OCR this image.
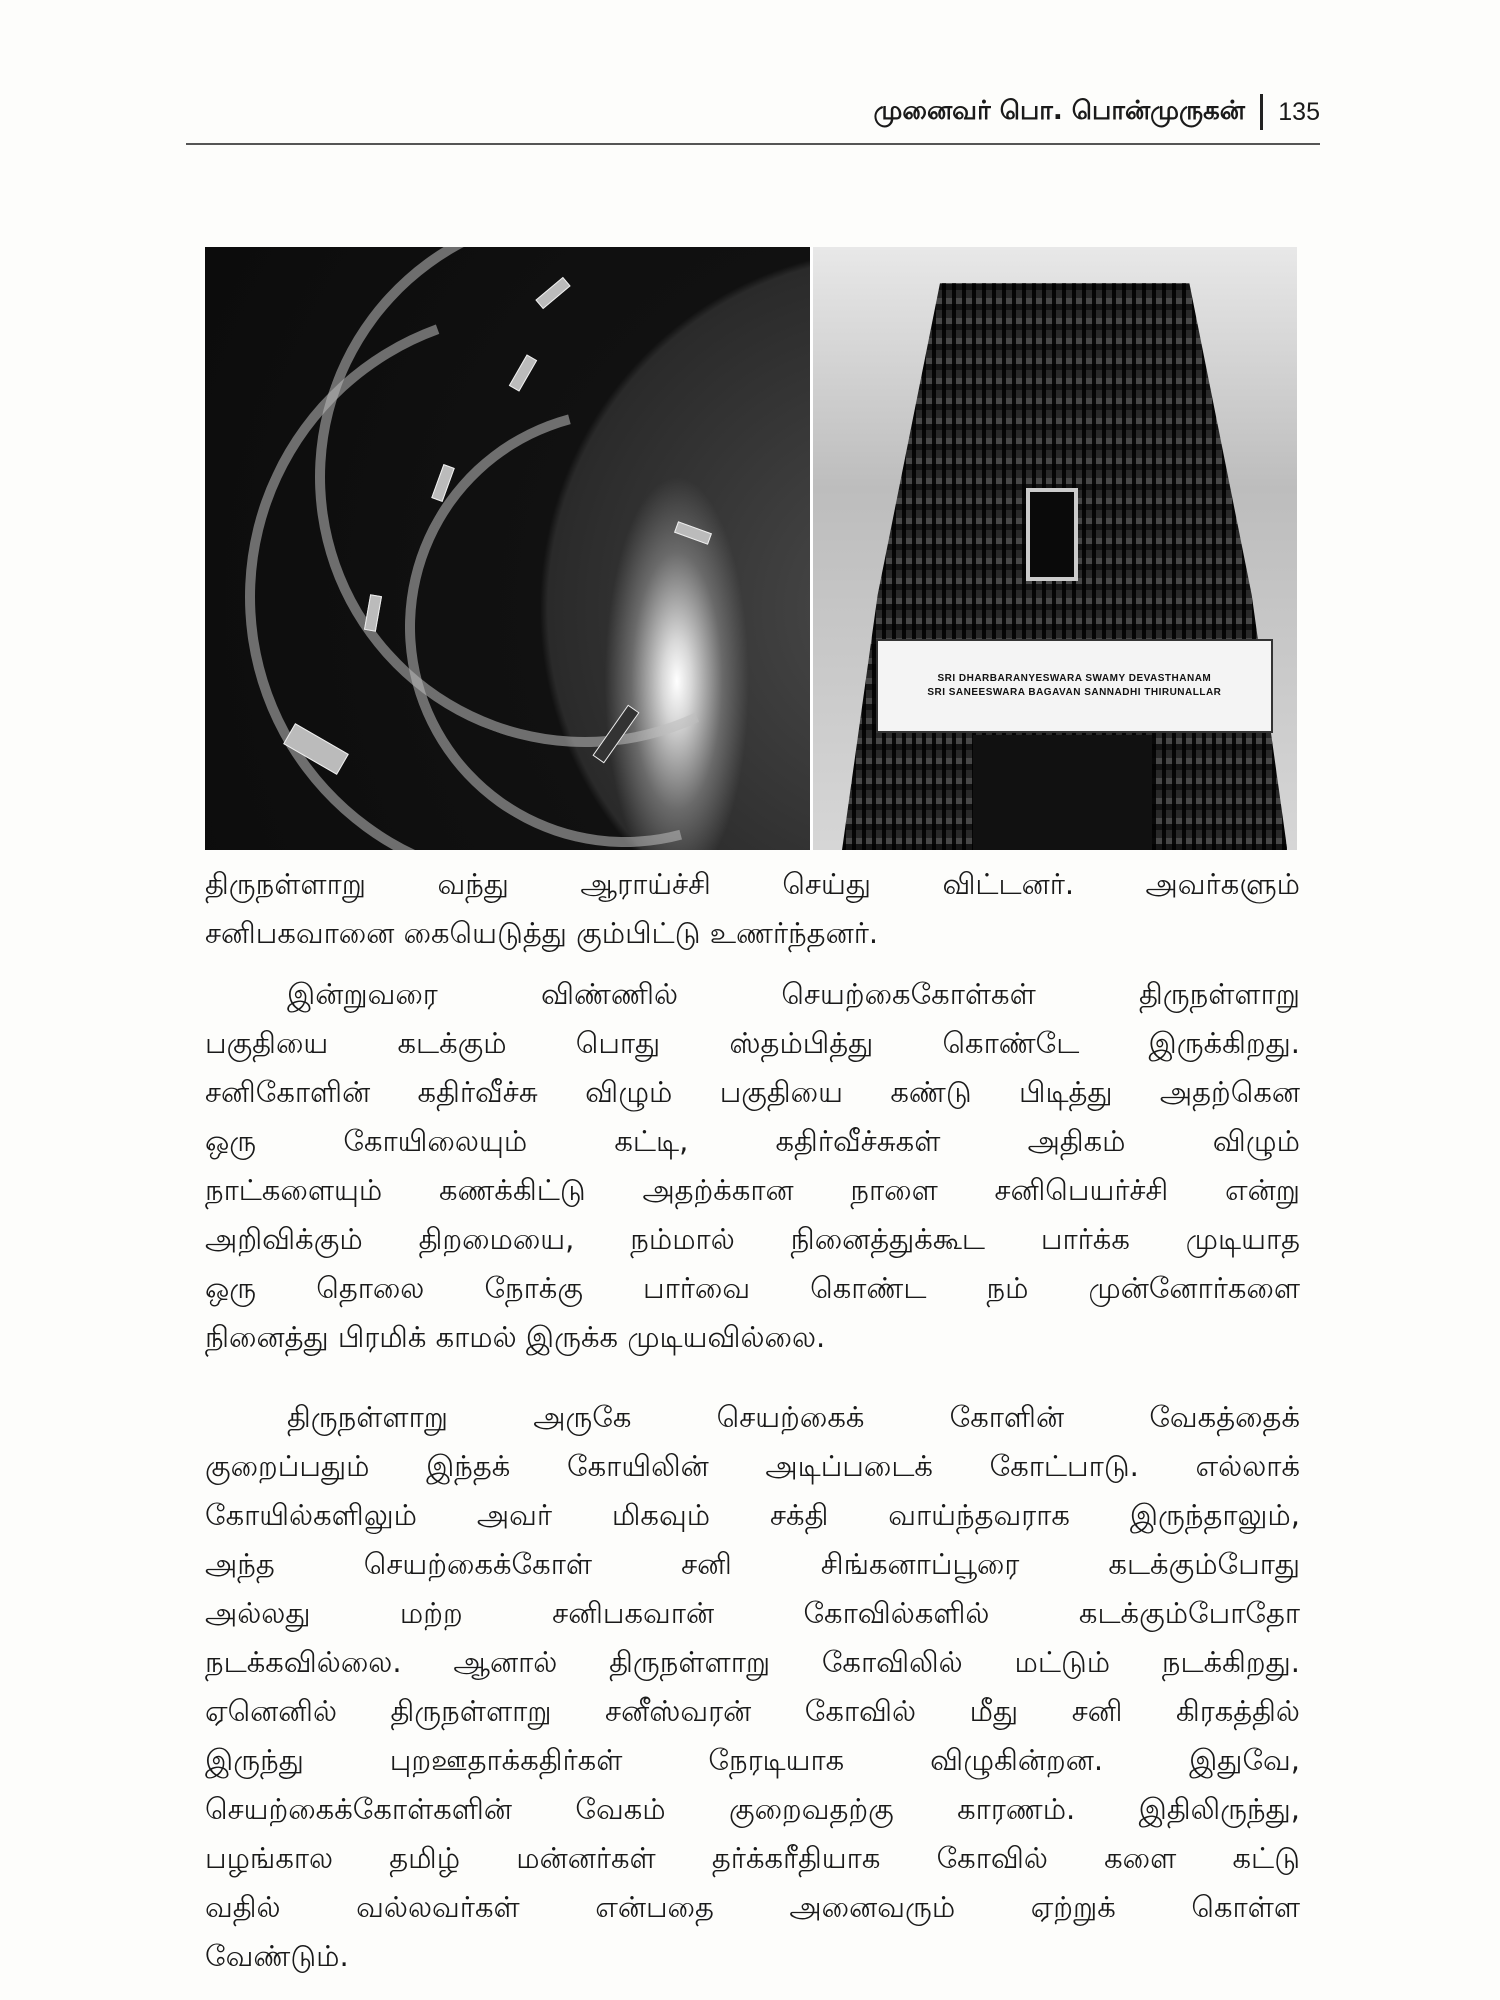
முனைவர் பொ. பொன்முருகன் 135
SRI DHARBARANYESWARA SWAMY DEVASTHANAM
SRI SANEESWARA BAGAVAN SANNADHI THIRUNALLAR
திருநள்ளாறு வந்து ஆராய்ச்சி செய்து விட்டனர். அவர்களும்
சனிபகவானை கையெடுத்து கும்பிட்டு உணர்ந்தனர்.
இன்றுவரை விண்ணில் செயற்கைகோள்கள் திருநள்ளாறு
பகுதியை கடக்கும் பொது ஸ்தம்பித்து கொண்டே இருக்கிறது.
சனிகோளின் கதிர்வீச்சு விழும் பகுதியை கண்டு பிடித்து அதற்கென
ஒரு கோயிலையும் கட்டி, கதிர்வீச்சுகள் அதிகம் விழும்
நாட்களையும் கணக்கிட்டு அதற்க்கான நாளை சனிபெயர்ச்சி என்று
அறிவிக்கும் திறமையை, நம்மால் நினைத்துக்கூட பார்க்க முடியாத
ஒரு தொலை நோக்கு பார்வை கொண்ட நம் முன்னோர்களை
நினைத்து பிரமிக் காமல் இருக்க முடியவில்லை.
திருநள்ளாறு அருகே செயற்கைக் கோளின் வேகத்தைக்
குறைப்பதும் இந்தக் கோயிலின் அடிப்படைக் கோட்பாடு. எல்லாக்
கோயில்களிலும் அவர் மிகவும் சக்தி வாய்ந்தவராக இருந்தாலும்,
அந்த செயற்கைக்கோள் சனி சிங்கனாப்பூரை கடக்கும்போது
அல்லது மற்ற சனிபகவான் கோவில்களில் கடக்கும்போதோ
நடக்கவில்லை. ஆனால் திருநள்ளாறு கோவிலில் மட்டும் நடக்கிறது.
ஏனெனில் திருநள்ளாறு சனீஸ்வரன் கோவில் மீது சனி கிரகத்தில்
இருந்து புறஊதாக்கதிர்கள் நேரடியாக விழுகின்றன. இதுவே,
செயற்கைக்கோள்களின் வேகம் குறைவதற்கு காரணம். இதிலிருந்து,
பழங்கால தமிழ் மன்னர்கள் தர்க்கரீதியாக கோவில் களை கட்டு
வதில் வல்லவர்கள் என்பதை அனைவரும் ஏற்றுக் கொள்ள
வேண்டும்.
